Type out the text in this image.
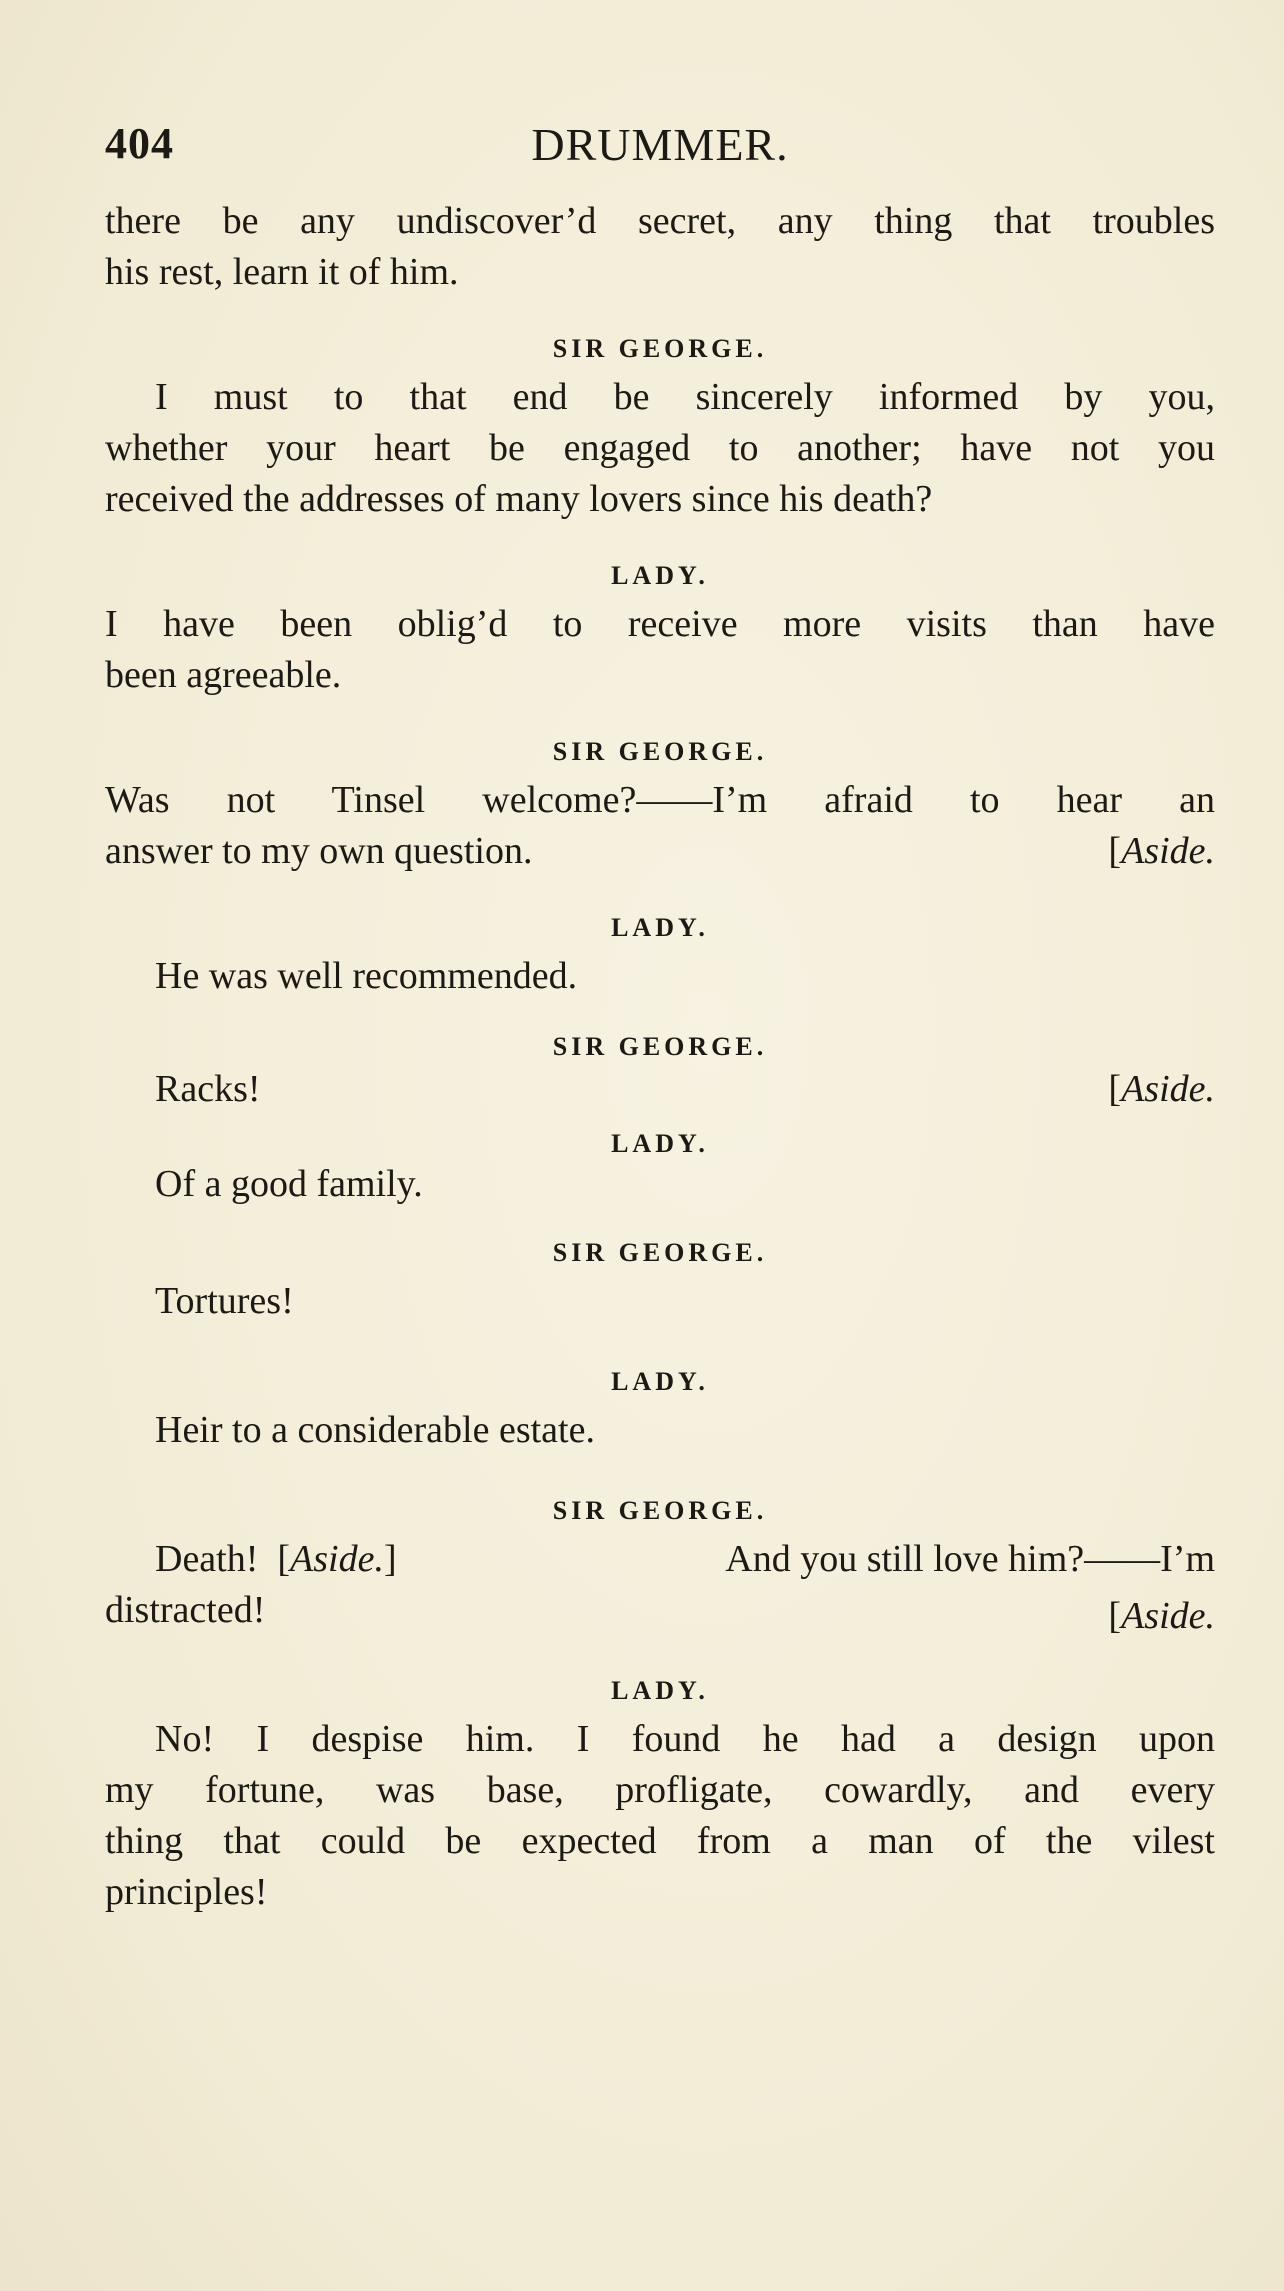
404	DRUMMER.

there be any undiscover’d secret, any thing that troubles

his rest, learn it of him.

SIR GEORGE.

I must to that end be sincerely informed by you,

whether your heart be engaged to another; have not you

received the addresses of many lovers since his death?

LADY.

I have been oblig’d to receive more visits than have

been agreeable.

SIR GEORGE.

Was not Tinsel welcome?——I’m afraid to hear an

answer to my own question.	[Aside.

LADY.

He was well recommended.

SIR GEORGE.

Racks!	[Aside.

LADY.

Of a good family.

SIR GEORGE.

Tortures!

LADY.

Heir to a considerable estate.

SIR GEORGE.

Death! [Aside.]	And you still love him?——I’m
distracted!	[Aside.

LADY.

No! I despise him. I found he had a design upon

my fortune, was base, profligate, cowardly, and every

thing that could be expected from a man of the vilest

principles!
